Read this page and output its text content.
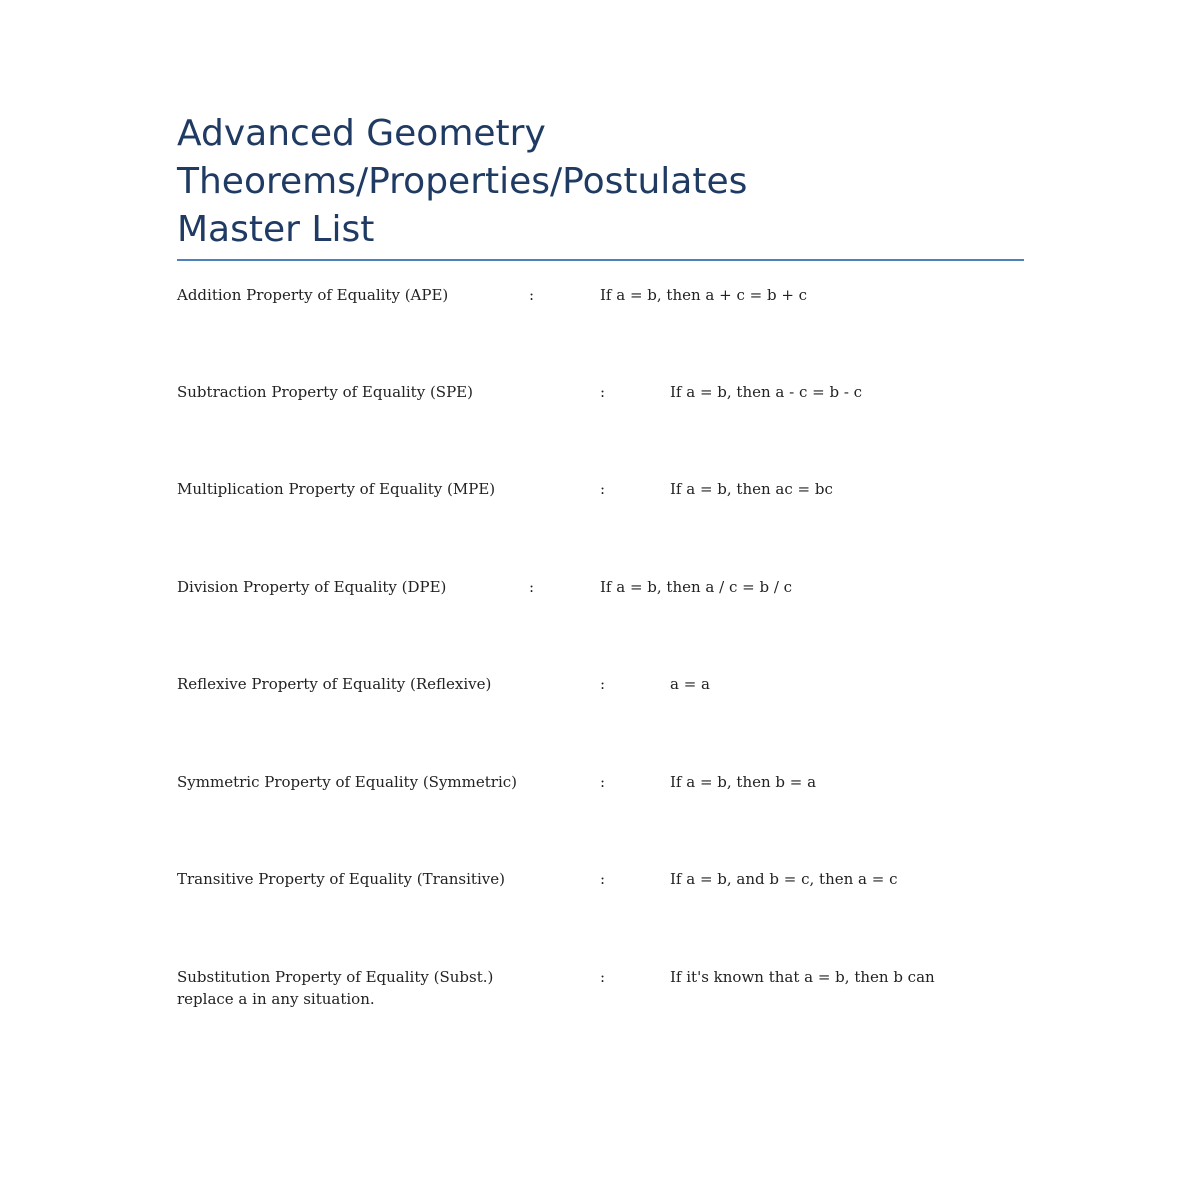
Advanced Geometry
Theorems/Properties/Postulates
Master List
Addition Property of Equality (APE)	:	If a = b, then a + c = b + c
Subtraction Property of Equality (SPE)	:	If a = b, then a - c = b - c
Multiplication Property of Equality (MPE)	:	If a = b, then ac = bc
Division Property of Equality (DPE)	:	If a = b, then a / c = b / c
Reflexive Property of Equality (Reflexive)	:	a = a
Symmetric Property of Equality (Symmetric)	:	If a = b, then b = a
Transitive Property of Equality (Transitive)	:	If a = b, and b = c, then a = c
Substitution Property of Equality (Subst.)	:	If it's known that a = b, then b can
replace a in any situation.
